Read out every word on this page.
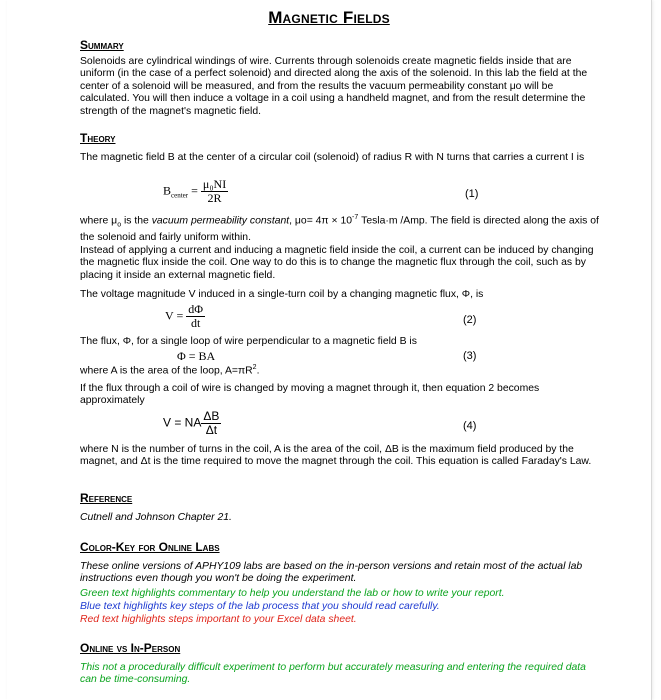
Magnetic Fields
Summary
Solenoids are cylindrical windings of wire. Currents through solenoids create magnetic fields inside that are uniform (in the case of a perfect solenoid) and directed along the axis of the solenoid. In this lab the field at the center of a solenoid will be measured, and from the results the vacuum permeability constant μo will be calculated. You will then induce a voltage in a coil using a handheld magnet, and from the result determine the strength of the magnet's magnetic field.
Theory
The magnetic field B at the center of a circular coil (solenoid) of radius R with N turns that carries a current I is
$B_{center} = \frac{\text{μ₀NI}}{2R}$	(1)
where $\mu_o$ is the vacuum permeability constant, $\mu o= 4\pi \times 10^{-7}$ Tesla·m /Amp. The field is directed along the axis of the solenoid and fairly uniform within.
Instead of applying a current and inducing a magnetic field inside the coil, a current can be induced by changing the magnetic flux inside the coil. One way to do this is to change the magnetic flux through the coil, such as by placing it inside an external magnetic field.
The voltage magnitude V induced in a single-turn coil by a changing magnetic flux, Φ, is
$V = \frac{d\Phi}{dt}$	(2)
The flux, Φ, for a single loop of wire perpendicular to a magnetic field B is
Φ = BA	(3)
where A is the area of the loop, $A=\pi R^2$.
If the flux through a coil of wire is changed by moving a magnet through it, then equation 2 becomes approximately
V = NA $\frac{\Delta B}{\Delta t}$	(4)
where N is the number of turns in the coil, A is the area of the coil, ΔB is the maximum field produced by the magnet, and Δt is the time required to move the magnet through the coil. This equation is called Faraday's Law.
Reference
Cutnell and Johnson Chapter 21.
Color-Key for Online Labs
These online versions of APHY109 labs are based on the in-person versions and retain most of the actual lab instructions even though you won't be doing the experiment.
Green text highlights commentary to help you understand the lab or how to write your report.
Blue text highlights key steps of the lab process that you should read carefully.
Red text highlights steps important to your Excel data sheet.
Online vs In-Person
This not a procedurally difficult experiment to perform but accurately measuring and entering the required data can be time-consuming.
